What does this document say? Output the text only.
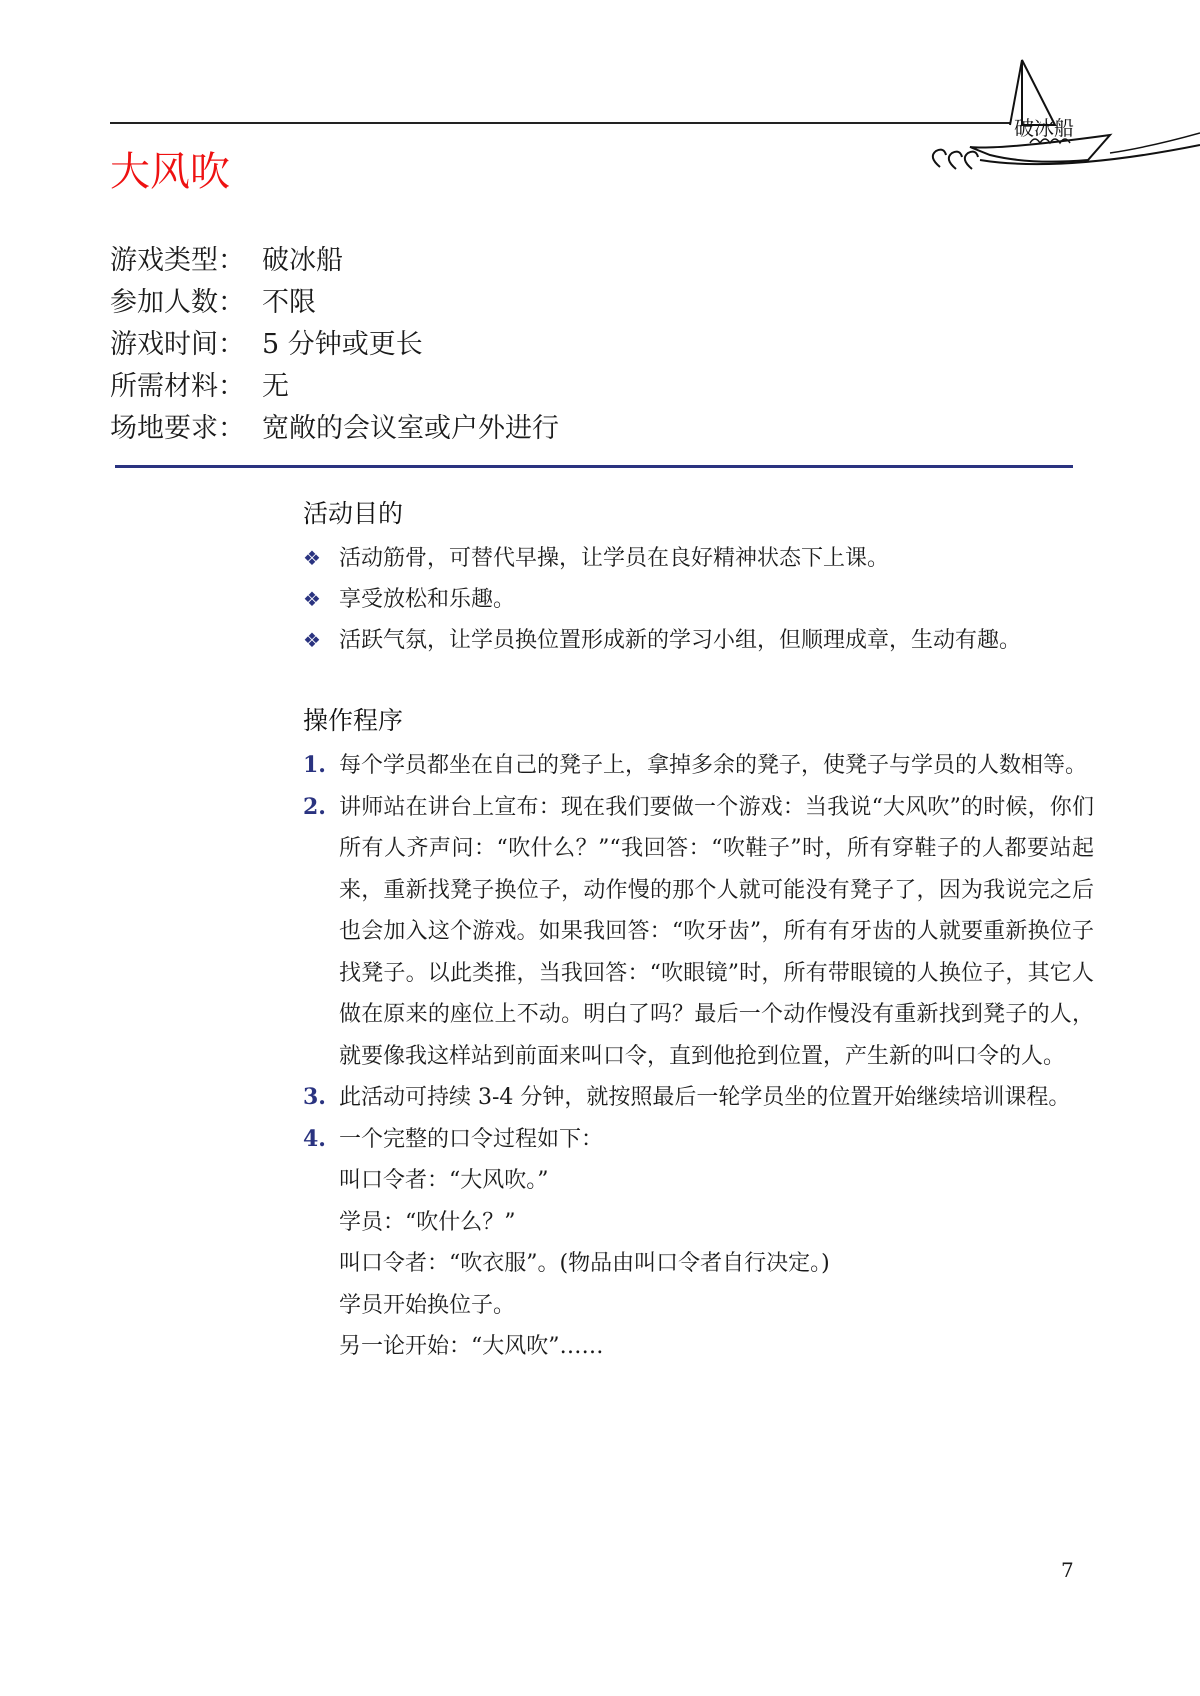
破冰船
大风吹
游戏类型： 破冰船
参加人数： 不限
游戏时间： 5 分钟或更长
所需材料： 无
场地要求： 宽敞的会议室或户外进行
活动目的
❖ 活动筋骨，可替代早操，让学员在良好精神状态下上课。
❖ 享受放松和乐趣。
❖ 活跃气氛，让学员换位置形成新的学习小组，但顺理成章，生动有趣。
操作程序
1. 每个学员都坐在自己的凳子上，拿掉多余的凳子，使凳子与学员的人数相等。
2. 讲师站在讲台上宣布：现在我们要做一个游戏：当我说“大风吹”的时候，你们所有人齐声问：“吹什么？”“我回答：“吹鞋子”时，所有穿鞋子的人都要站起来，重新找凳子换位子，动作慢的那个人就可能没有凳子了，因为我说完之后也会加入这个游戏。如果我回答：“吹牙齿”，所有有牙齿的人就要重新换位子找凳子。以此类推，当我回答：“吹眼镜”时，所有带眼镜的人换位子，其它人做在原来的座位上不动。明白了吗？最后一个动作慢没有重新找到凳子的人，就要像我这样站到前面来叫口令，直到他抢到位置，产生新的叫口令的人。
3. 此活动可持续 3-4 分钟，就按照最后一轮学员坐的位置开始继续培训课程。
4. 一个完整的口令过程如下：
叫口令者：“大风吹。”
学员：“吹什么？”
叫口令者：“吹衣服”。(物品由叫口令者自行决定。)
学员开始换位子。
另一论开始：“大风吹”……
7
